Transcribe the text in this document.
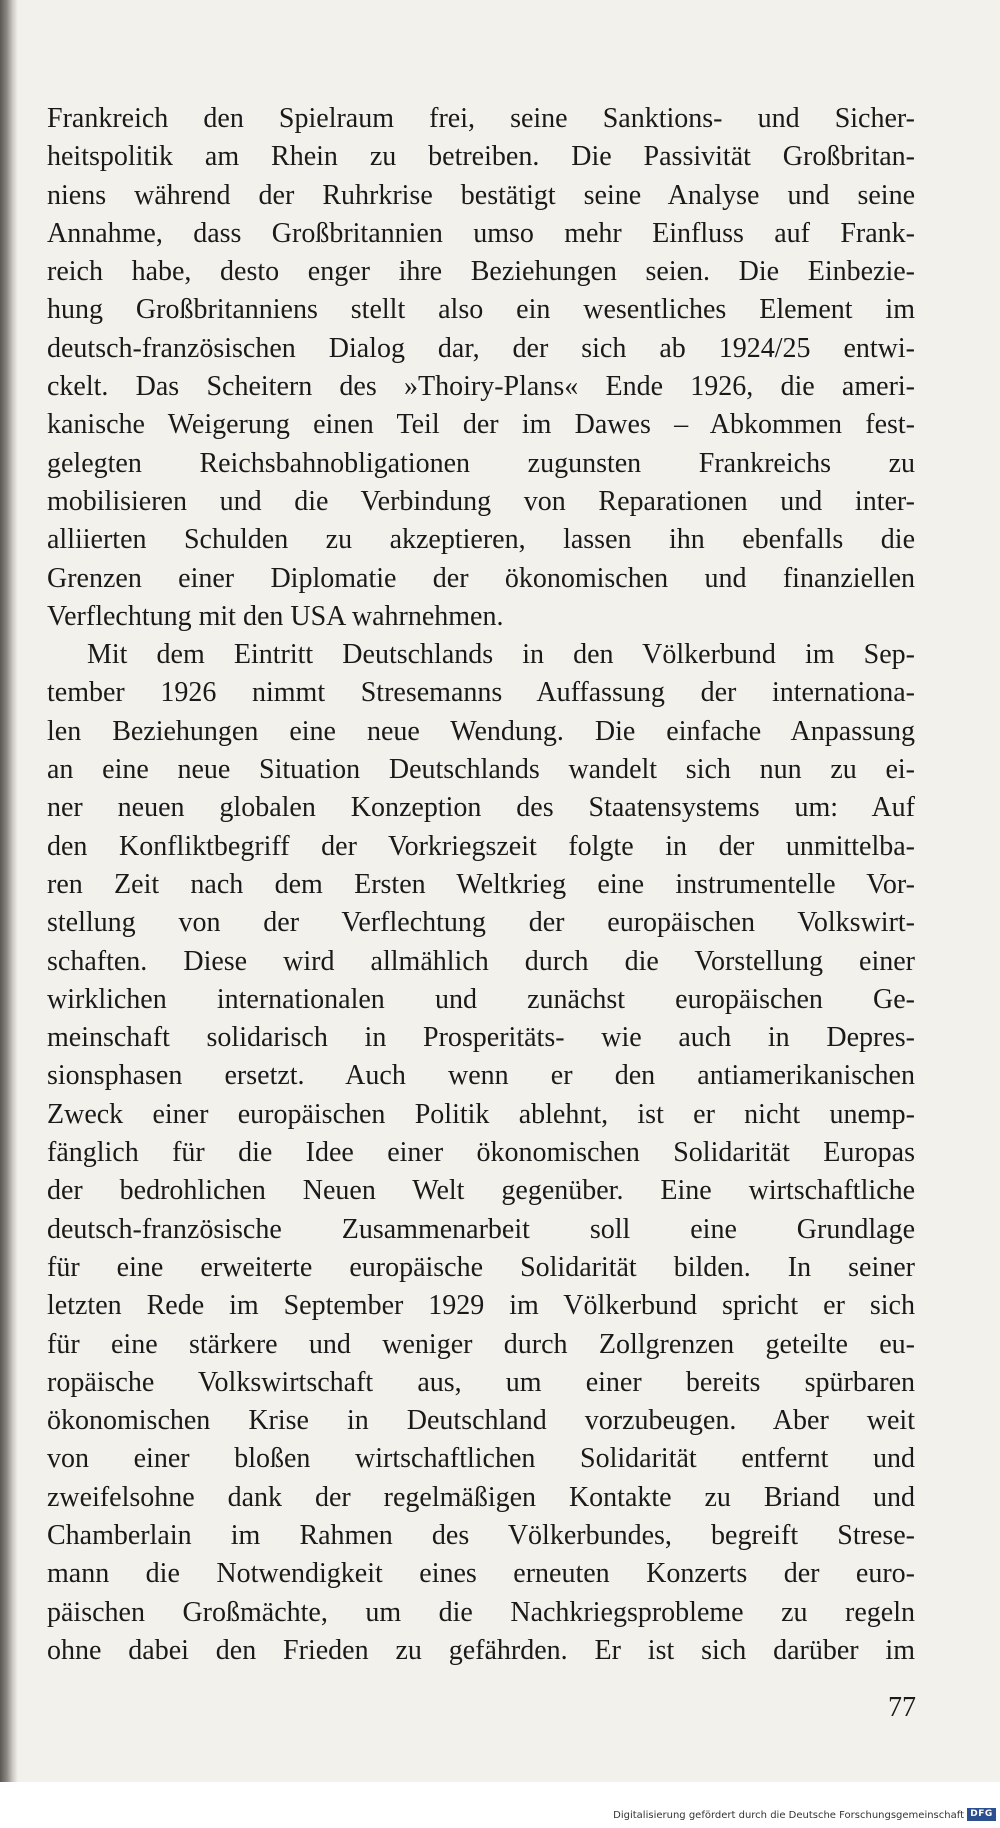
Frankreich den Spielraum frei, seine Sanktions- und Sicher-
heitspolitik am Rhein zu betreiben. Die Passivität Großbritan-
niens während der Ruhrkrise bestätigt seine Analyse und seine
Annahme, dass Großbritannien umso mehr Einfluss auf Frank-
reich habe, desto enger ihre Beziehungen seien. Die Einbezie-
hung Großbritanniens stellt also ein wesentliches Element im
deutsch-französischen Dialog dar, der sich ab 1924/25 entwi-
ckelt. Das Scheitern des »Thoiry-Plans« Ende 1926, die ameri-
kanische Weigerung einen Teil der im Dawes – Abkommen fest-
gelegten Reichsbahnobligationen zugunsten Frankreichs zu
mobilisieren und die Verbindung von Reparationen und inter-
alliierten Schulden zu akzeptieren, lassen ihn ebenfalls die
Grenzen einer Diplomatie der ökonomischen und finanziellen
Verflechtung mit den USA wahrnehmen.
Mit dem Eintritt Deutschlands in den Völkerbund im Sep-
tember 1926 nimmt Stresemanns Auffassung der internationa-
len Beziehungen eine neue Wendung. Die einfache Anpassung
an eine neue Situation Deutschlands wandelt sich nun zu ei-
ner neuen globalen Konzeption des Staatensystems um: Auf
den Konfliktbegriff der Vorkriegszeit folgte in der unmittelba-
ren Zeit nach dem Ersten Weltkrieg eine instrumentelle Vor-
stellung von der Verflechtung der europäischen Volkswirt-
schaften. Diese wird allmählich durch die Vorstellung einer
wirklichen internationalen und zunächst europäischen Ge-
meinschaft solidarisch in Prosperitäts- wie auch in Depres-
sionsphasen ersetzt. Auch wenn er den antiamerikanischen
Zweck einer europäischen Politik ablehnt, ist er nicht unemp-
fänglich für die Idee einer ökonomischen Solidarität Europas
der bedrohlichen Neuen Welt gegenüber. Eine wirtschaftliche
deutsch-französische Zusammenarbeit soll eine Grundlage
für eine erweiterte europäische Solidarität bilden. In seiner
letzten Rede im September 1929 im Völkerbund spricht er sich
für eine stärkere und weniger durch Zollgrenzen geteilte eu-
ropäische Volkswirtschaft aus, um einer bereits spürbaren
ökonomischen Krise in Deutschland vorzubeugen. Aber weit
von einer bloßen wirtschaftlichen Solidarität entfernt und
zweifelsohne dank der regelmäßigen Kontakte zu Briand und
Chamberlain im Rahmen des Völkerbundes, begreift Strese-
mann die Notwendigkeit eines erneuten Konzerts der euro-
päischen Großmächte, um die Nachkriegsprobleme zu regeln
ohne dabei den Frieden zu gefährden. Er ist sich darüber im
77
Digitalisierung gefördert durch die Deutsche Forschungsgemeinschaft DFG
